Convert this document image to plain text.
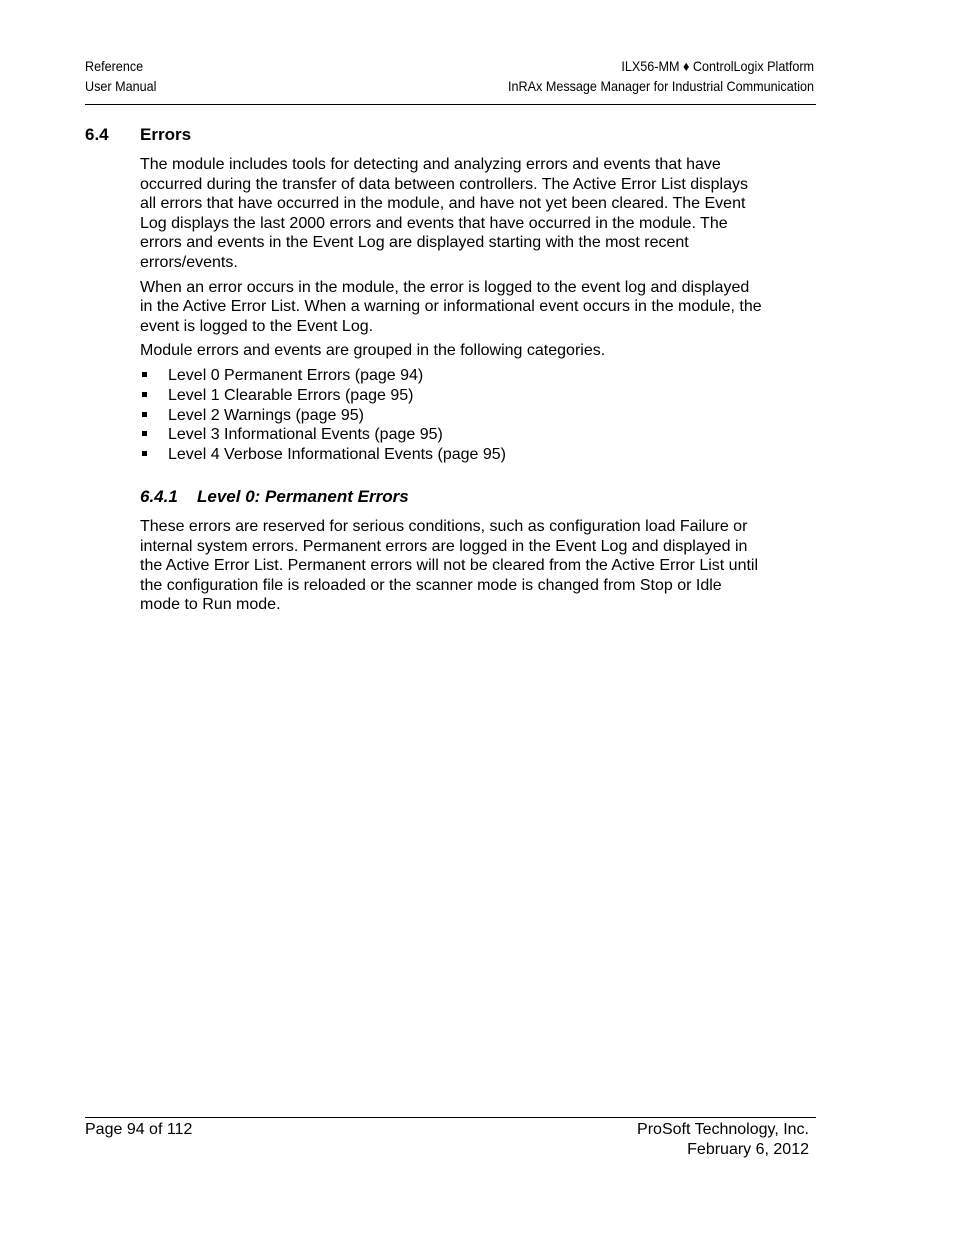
Reference
User Manual
ILX56-MM ♦ ControlLogix Platform
InRAx Message Manager for Industrial Communication
6.4	Errors

The module includes tools for detecting and analyzing errors and events that have occurred during the transfer of data between controllers. The Active Error List displays all errors that have occurred in the module, and have not yet been cleared. The Event Log displays the last 2000 errors and events that have occurred in the module. The errors and events in the Event Log are displayed starting with the most recent errors/events.

When an error occurs in the module, the error is logged to the event log and displayed in the Active Error List. When a warning or informational event occurs in the module, the event is logged to the Event Log.

Module errors and events are grouped in the following categories.

Level 0 Permanent Errors (page 94)
Level 1 Clearable Errors (page 95)
Level 2 Warnings (page 95)
Level 3 Informational Events (page 95)
Level 4 Verbose Informational Events (page 95)
6.4.1	Level 0: Permanent Errors

These errors are reserved for serious conditions, such as configuration load Failure or internal system errors. Permanent errors are logged in the Event Log and displayed in the Active Error List. Permanent errors will not be cleared from the Active Error List until the configuration file is reloaded or the scanner mode is changed from Stop or Idle mode to Run mode.

Page 94 of 112	ProSoft Technology, Inc.
February 6, 2012
